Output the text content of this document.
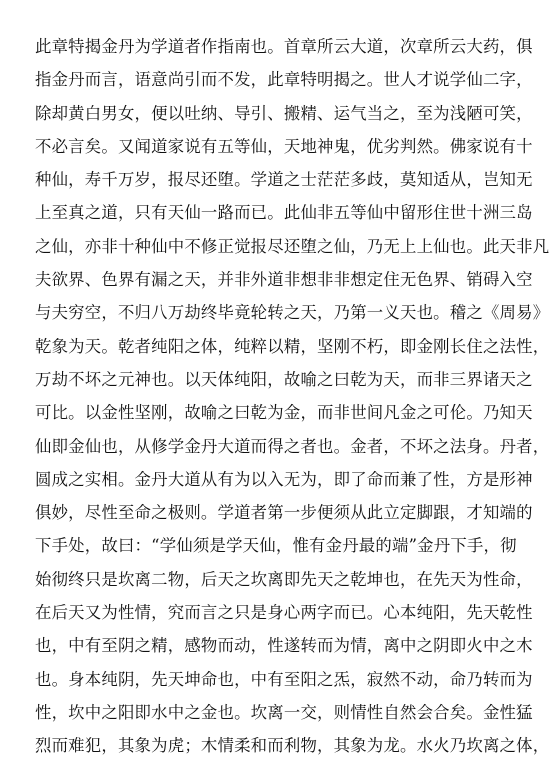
此章特揭金丹为学道者作指南也。首章所云大道，次章所云大药，俱
指金丹而言，语意尚引而不发，此章特明揭之。世人才说学仙二字，
除却黄白男女，便以吐纳、导引、搬精、运气当之，至为浅陋可笑，
不必言矣。又闻道家说有五等仙，天地神鬼，优劣判然。佛家说有十
种仙，寿千万岁，报尽还堕。学道之士茫茫多歧，莫知适从，岂知无
上至真之道，只有天仙一路而已。此仙非五等仙中留形住世十洲三岛
之仙，亦非十种仙中不修正觉报尽还堕之仙，乃无上上仙也。此天非凡
夫欲界、色界有漏之天，并非外道非想非非想定住无色界、销碍入空
与夫穷空，不归八万劫终毕竟轮转之天，乃第一义天也。稽之《周易》
乾象为天。乾者纯阳之体，纯粹以精，坚刚不朽，即金刚长住之法性，
万劫不坏之元神也。以天体纯阳，故喻之曰乾为天，而非三界诸天之
可比。以金性坚刚，故喻之曰乾为金，而非世间凡金之可伦。乃知天
仙即金仙也，从修学金丹大道而得之者也。金者，不坏之法身。丹者，
圆成之实相。金丹大道从有为以入无为，即了命而兼了性，方是形神
俱妙，尽性至命之极则。学道者第一步便须从此立定脚跟，才知端的
下手处，故曰：“学仙须是学天仙，惟有金丹最的端”金丹下手，彻
始彻终只是坎离二物，后天之坎离即先天之乾坤也，在先天为性命，
在后天又为性情，究而言之只是身心两字而已。心本纯阳，先天乾性
也，中有至阴之精，感物而动，性遂转而为情，离中之阴即火中之木
也。身本纯阴，先天坤命也，中有至阳之炁，寂然不动，命乃转而为
性，坎中之阳即水中之金也。坎离一交，则情性自然会合矣。金性猛
烈而难犯，其象为虎；木情柔和而利物，其象为龙。水火乃坎离之体，
